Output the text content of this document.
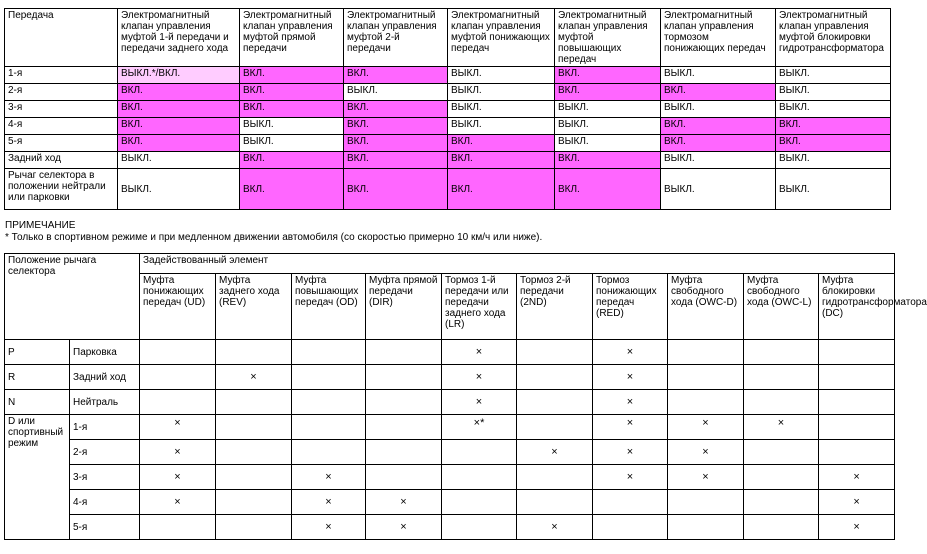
Передача	Электромагнитный клапан управления муфтой 1-й передачи и передачи заднего хода	Электромагнитный клапан управления муфтой прямой передачи	Электромагнитный клапан управления муфтой 2-й передачи	Электромагнитный клапан управления муфтой понижающих передач	Электромагнитный клапан управления муфтой повышающих передач	Электромагнитный клапан управления тормозом понижающих передач	Электромагнитный клапан управления муфтой блокировки гидротрансформатора
1-я	ВЫКЛ.*/ВКЛ.	ВКЛ.	ВКЛ.	ВЫКЛ.	ВКЛ.	ВЫКЛ.	ВЫКЛ.
2-я	ВКЛ.	ВКЛ.	ВЫКЛ.	ВЫКЛ.	ВКЛ.	ВКЛ.	ВЫКЛ.
3-я	ВКЛ.	ВКЛ.	ВКЛ.	ВЫКЛ.	ВЫКЛ.	ВЫКЛ.	ВЫКЛ.
4-я	ВКЛ.	ВЫКЛ.	ВКЛ.	ВЫКЛ.	ВЫКЛ.	ВКЛ.	ВКЛ.
5-я	ВКЛ.	ВЫКЛ.	ВКЛ.	ВКЛ.	ВЫКЛ.	ВКЛ.	ВКЛ.
Задний ход	ВЫКЛ.	ВКЛ.	ВКЛ.	ВКЛ.	ВКЛ.	ВЫКЛ.	ВЫКЛ.
Рычаг селектора в положении нейтрали или парковки	ВЫКЛ.	ВКЛ.	ВКЛ.	ВКЛ.	ВКЛ.	ВЫКЛ.	ВЫКЛ.
ПРИМЕЧАНИЕ
* Только в спортивном режиме и при медленном движении автомобиля (со скоростью примерно 10 км/ч или ниже).
Положение рычага селектора		Задействованный элемент									
		Муфта понижающих передач (UD)	Муфта заднего хода (REV)	Муфта повышающих передач (OD)	Муфта прямой передачи (DIR)	Тормоз 1-й передачи или передачи заднего хода (LR)	Тормоз 2-й передачи (2ND)	Тормоз понижающих передач (RED)	Муфта свободного хода (OWC-D)	Муфта свободного хода (OWC-L)	Муфта блокировки гидротрансформатора (DC)
P	Парковка					×		×			
R	Задний ход		×			×		×			
N	Нейтраль					×		×			
D или спортивный режим	1-я	×				×*		×	×	×	
	2-я	×					×	×	×		
	3-я	×		×				×	×		×
	4-я	×		×	×						×
	5-я			×	×		×				×
